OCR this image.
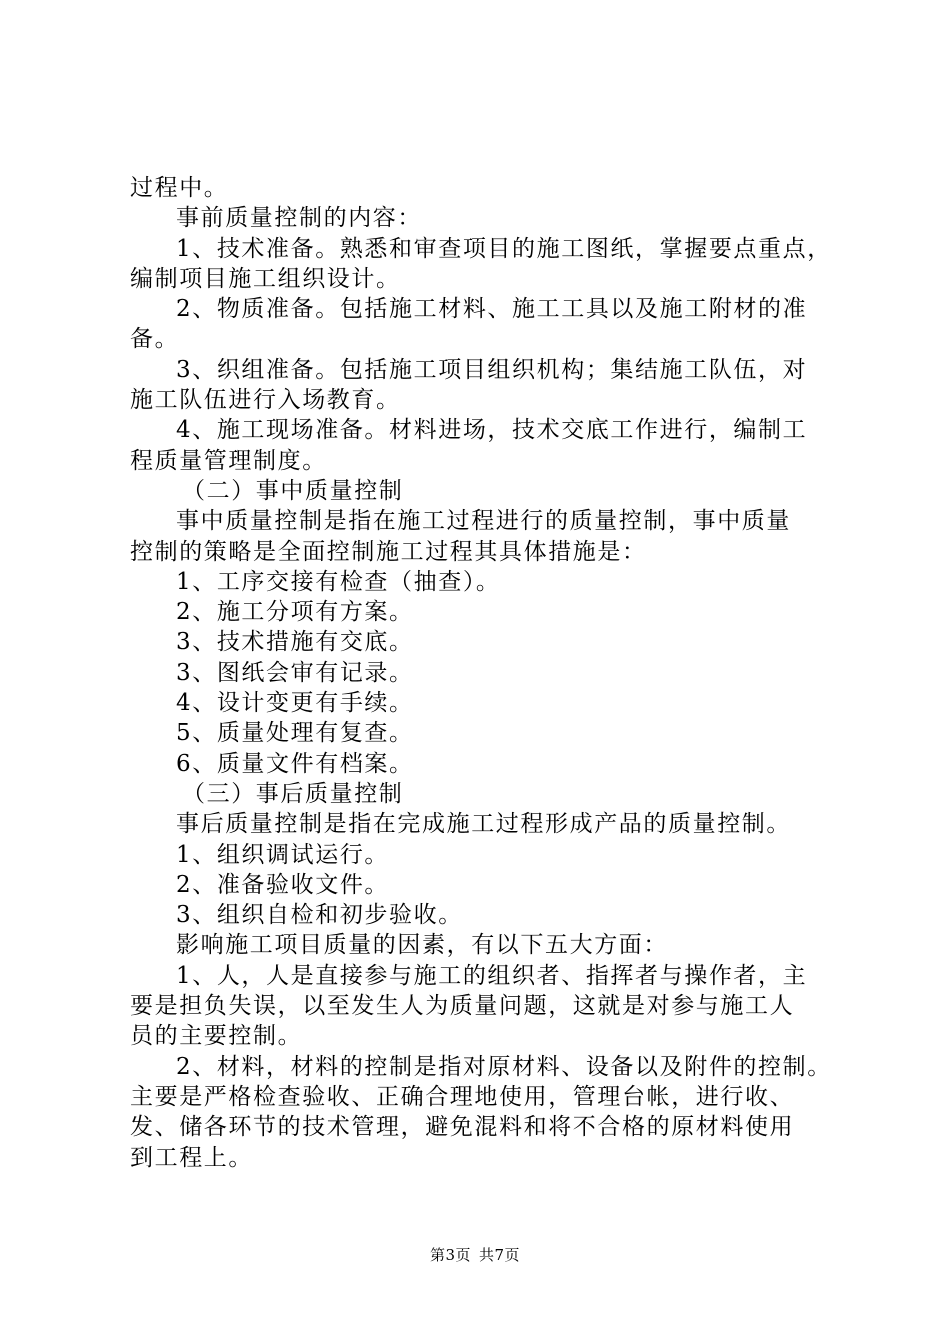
过程中。

事前质量控制的内容：

1、技术准备。熟悉和审查项目的施工图纸，掌握要点重点，

编制项目施工组织设计。

2、物质准备。包括施工材料、施工工具以及施工附材的准

备。

3、织组准备。包括施工项目组织机构；集结施工队伍，对

施工队伍进行入场教育。

4、施工现场准备。材料进场，技术交底工作进行，编制工

程质量管理制度。

（二）事中质量控制

事中质量控制是指在施工过程进行的质量控制，事中质量

控制的策略是全面控制施工过程其具体措施是：

1、工序交接有检查（抽查）。

2、施工分项有方案。

3、技术措施有交底。

3、图纸会审有记录。

4、设计变更有手续。

5、质量处理有复查。

6、质量文件有档案。

（三）事后质量控制

事后质量控制是指在完成施工过程形成产品的质量控制。

1、组织调试运行。

2、准备验收文件。

3、组织自检和初步验收。

影响施工项目质量的因素，有以下五大方面：

1、人，人是直接参与施工的组织者、指挥者与操作者，主

要是担负失误，以至发生人为质量问题，这就是对参与施工人

员的主要控制。

2、材料，材料的控制是指对原材料、设备以及附件的控制。

主要是严格检查验收、正确合理地使用，管理台帐，进行收、

发、储各环节的技术管理，避免混料和将不合格的原材料使用

到工程上。

第3页 共7页
